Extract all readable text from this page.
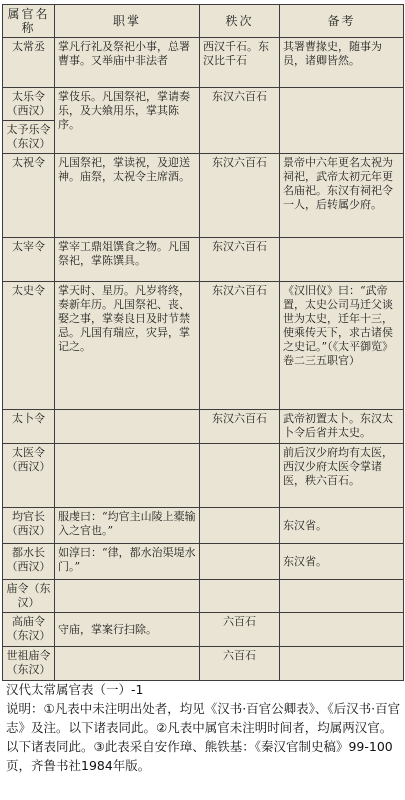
属官名称	职掌	秩次	备考
太常丞	掌凡行礼及祭祀小事，总署曹事。又举庙中非法者	西汉千石。东汉比千石	其署曹掾史，随事为员，诸卿皆然。
太乐令（西汉）	掌伎乐。凡国祭祀，掌请奏乐，及大飨用乐，掌其陈序。	东汉六百石	
太予乐令（东汉）			
太祝令	凡国祭祀，掌读祝，及迎送神。庙祭，太祝令主席酒。	东汉六百石	景帝中六年更名太祝为祠祀，武帝太初元年更名庙祀。东汉有祠祀令一人，后转属少府。
太宰令	掌宰工鼎俎馔食之物。凡国祭祀，掌陈馔具。	东汉六百石	
太史令	掌天时、星历。凡岁将终，奏新年历。凡国祭祀、丧、娶之事，掌奏良日及时节禁忌。凡国有瑞应，灾异，掌记之。	东汉六百石	《汉旧仪》曰：“武帝置，太史公司马迁父谈世为太史，迁年十三，使乘传天下，求古诸侯之史记。”（《太平御览》卷二三五职官）
太卜令		东汉六百石	武帝初置太卜。东汉太卜令后省并太史。
太医令（西汉）			前后汉少府均有太医，西汉少府太医令掌诸医，秩六百石。
均官长（西汉）	服虔曰：“均官主山陵上橐输入之官也。”		东汉省。
都水长（西汉）	如淳曰：“律，都水治渠堤水门。”		东汉省。
庙令（东汉）			
高庙令（东汉）	守庙，掌案行扫除。	六百石	
世祖庙令（东汉）		六百石	

汉代太常属官表（一）-1

说明：①凡表中未注明出处者，均见《汉书·百官公卿表》、《后汉书·百官志》及注。以下诸表同此。②凡表中属官未注明时间者，均属两汉官。以下诸表同此。③此表采自安作璋、熊铁基：《秦汉官制史稿》99-100页，齐鲁书社1984年版。
